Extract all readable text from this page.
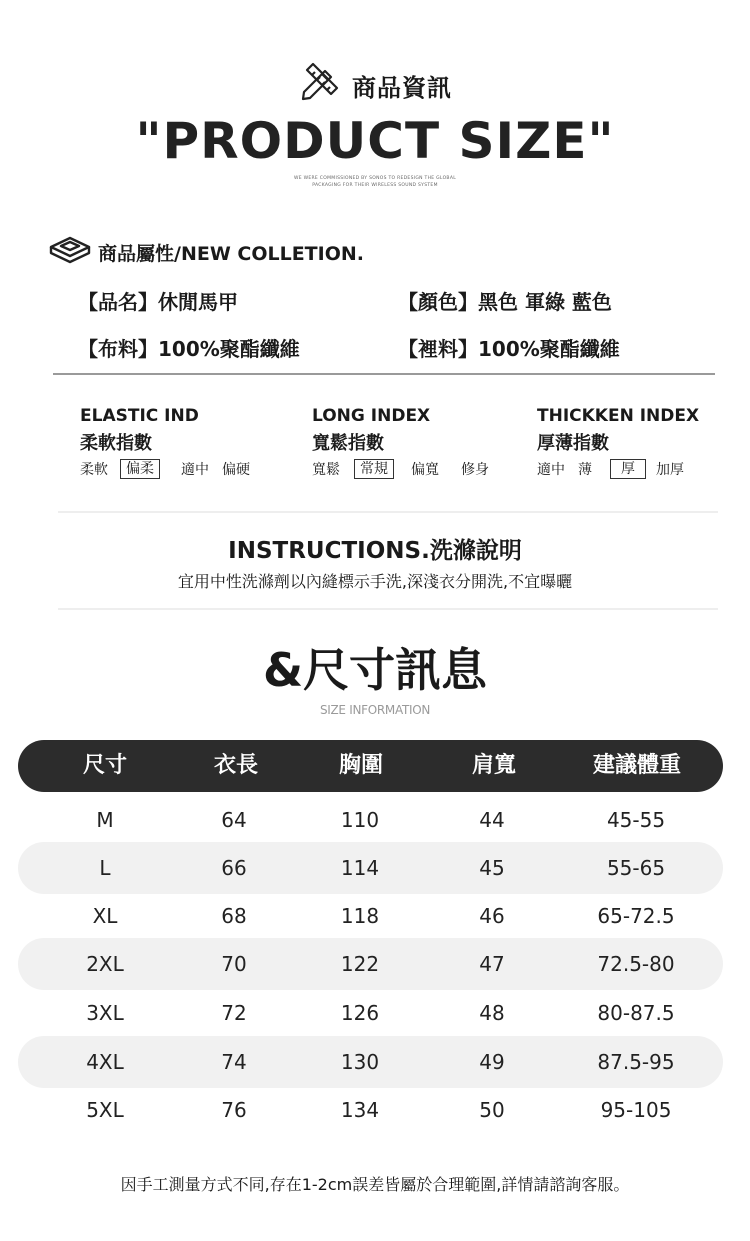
商品資訊
"PRODUCT SIZE"
WE WERE COMMISSIONED BY SONOS TO REDESIGN THE GLOBAL
PACKAGING FOR THEIR WIRELESS SOUND SYSTEM
商品屬性/NEW COLLETION.
【品名】休閒馬甲	【顏色】黑色 軍綠 藍色
【布料】100%聚酯纖維	【裡料】100%聚酯纖維
ELASTIC IND
柔軟指數
柔軟	偏柔	適中 偏硬
LONG INDEX
寬鬆指數
寬鬆	常規	偏寬 修身
THICKKEN INDEX
厚薄指數
適中 薄	厚	加厚
INSTRUCTIONS.洗滌說明
宜用中性洗滌劑以內縫標示手洗,深淺衣分開洗,不宜曝曬
&尺寸訊息
SIZE INFORMATION
尺寸	衣長	胸圍	肩寬	建議體重
M	64	110	44	45-55
L	66	114	45	55-65
XL	68	118	46	65-72.5
2XL	70	122	47	72.5-80
3XL	72	126	48	80-87.5
4XL	74	130	49	87.5-95
5XL	76	134	50	95-105
因手工測量方式不同,存在1-2cm誤差皆屬於合理範圍,詳情請諮詢客服。
